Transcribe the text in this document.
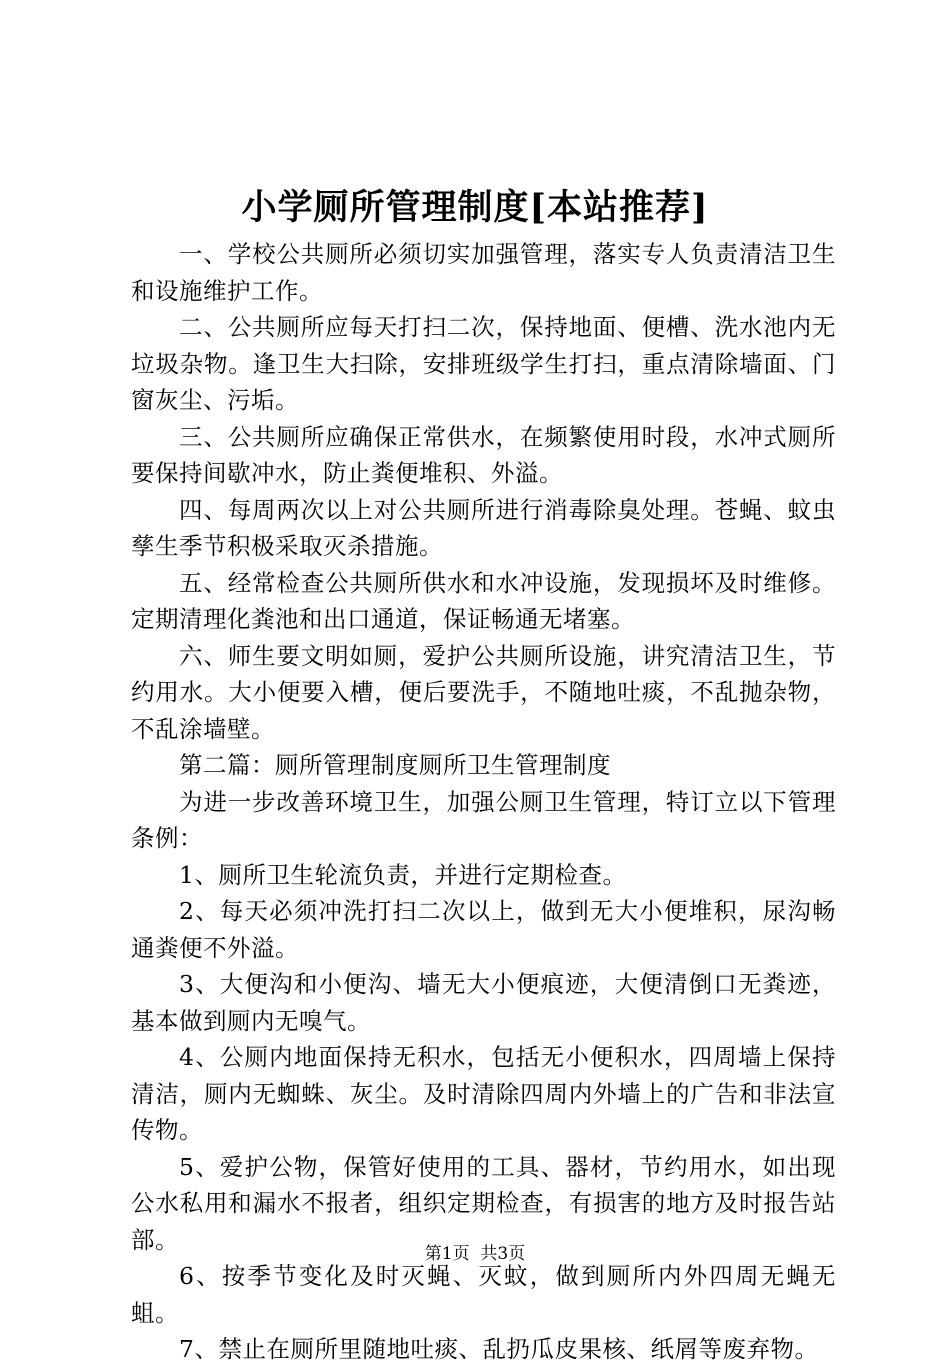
小学厕所管理制度[本站推荐]

一、学校公共厕所必须切实加强管理，落实专人负责清洁卫生和设施维护工作。

二、公共厕所应每天打扫二次，保持地面、便槽、洗水池内无垃圾杂物。逢卫生大扫除，安排班级学生打扫，重点清除墙面、门窗灰尘、污垢。

三、公共厕所应确保正常供水，在频繁使用时段，水冲式厕所要保持间歇冲水，防止粪便堆积、外溢。

四、每周两次以上对公共厕所进行消毒除臭处理。苍蝇、蚊虫孳生季节积极采取灭杀措施。

五、经常检查公共厕所供水和水冲设施，发现损坏及时维修。定期清理化粪池和出口通道，保证畅通无堵塞。

六、师生要文明如厕，爱护公共厕所设施，讲究清洁卫生，节约用水。大小便要入槽，便后要洗手，不随地吐痰，不乱抛杂物，不乱涂墙壁。

第二篇：厕所管理制度厕所卫生管理制度

为进一步改善环境卫生，加强公厕卫生管理，特订立以下管理条例：

1、厕所卫生轮流负责，并进行定期检查。

2、每天必须冲洗打扫二次以上，做到无大小便堆积，尿沟畅通粪便不外溢。

3、大便沟和小便沟、墙无大小便痕迹，大便清倒口无粪迹，基本做到厕内无嗅气。

4、公厕内地面保持无积水，包括无小便积水，四周墙上保持清洁，厕内无蜘蛛、灰尘。及时清除四周内外墙上的广告和非法宣传物。

5、爱护公物，保管好使用的工具、器材，节约用水，如出现公水私用和漏水不报者，组织定期检查，有损害的地方及时报告站部。

6、按季节变化及时灭蝇、灭蚊，做到厕所内外四周无蝇无蛆。

7、禁止在厕所里随地吐痰、乱扔瓜皮果核、纸屑等废弃物。

第1页  共3页
